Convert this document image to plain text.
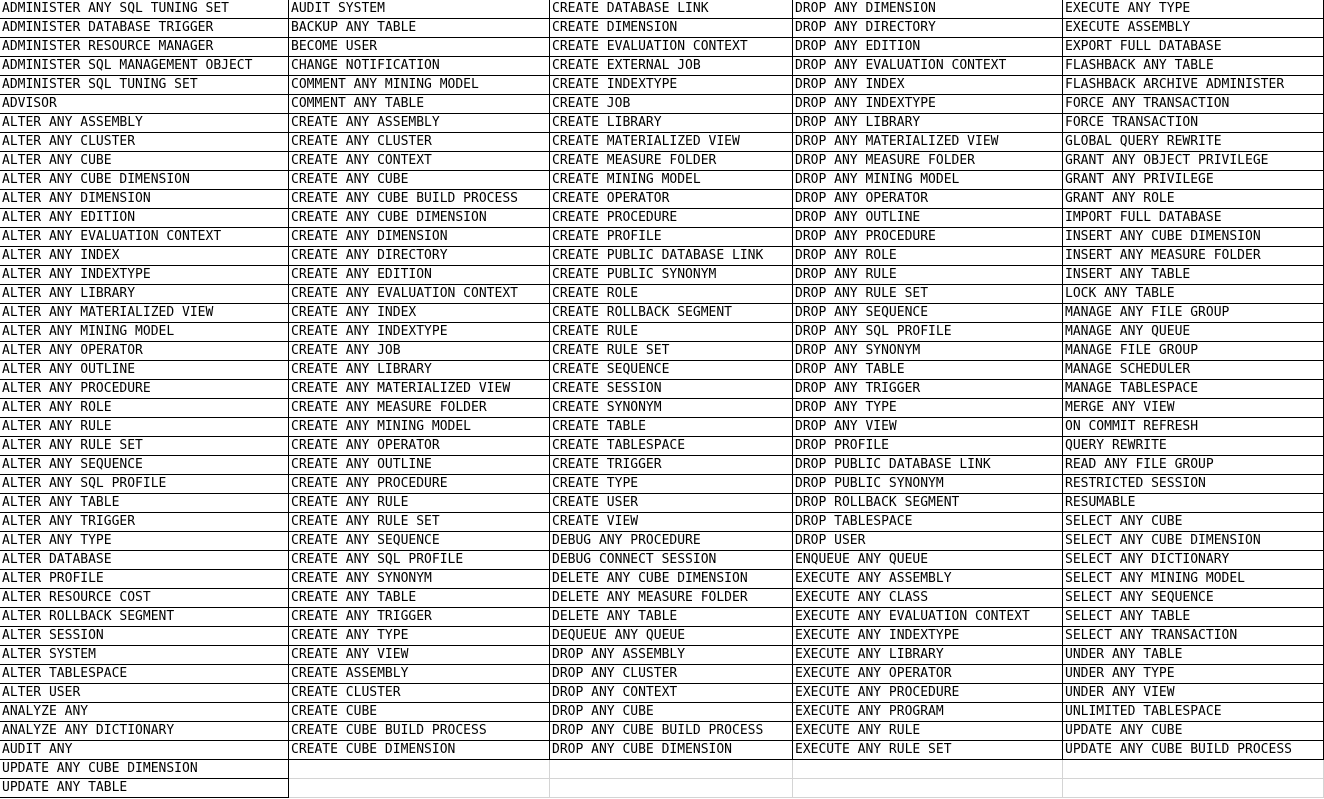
ADMINISTER ANY SQL TUNING SET
ADMINISTER DATABASE TRIGGER
ADMINISTER RESOURCE MANAGER
ADMINISTER SQL MANAGEMENT OBJECT
ADMINISTER SQL TUNING SET
ADVISOR
ALTER ANY ASSEMBLY
ALTER ANY CLUSTER
ALTER ANY CUBE
ALTER ANY CUBE DIMENSION
ALTER ANY DIMENSION
ALTER ANY EDITION
ALTER ANY EVALUATION CONTEXT
ALTER ANY INDEX
ALTER ANY INDEXTYPE
ALTER ANY LIBRARY
ALTER ANY MATERIALIZED VIEW
ALTER ANY MINING MODEL
ALTER ANY OPERATOR
ALTER ANY OUTLINE
ALTER ANY PROCEDURE
ALTER ANY ROLE
ALTER ANY RULE
ALTER ANY RULE SET
ALTER ANY SEQUENCE
ALTER ANY SQL PROFILE
ALTER ANY TABLE
ALTER ANY TRIGGER
ALTER ANY TYPE
ALTER DATABASE
ALTER PROFILE
ALTER RESOURCE COST
ALTER ROLLBACK SEGMENT
ALTER SESSION
ALTER SYSTEM
ALTER TABLESPACE
ALTER USER
ANALYZE ANY
ANALYZE ANY DICTIONARY
AUDIT ANY
UPDATE ANY CUBE DIMENSION
UPDATE ANY TABLE
AUDIT SYSTEM
BACKUP ANY TABLE
BECOME USER
CHANGE NOTIFICATION
COMMENT ANY MINING MODEL
COMMENT ANY TABLE
CREATE ANY ASSEMBLY
CREATE ANY CLUSTER
CREATE ANY CONTEXT
CREATE ANY CUBE
CREATE ANY CUBE BUILD PROCESS
CREATE ANY CUBE DIMENSION
CREATE ANY DIMENSION
CREATE ANY DIRECTORY
CREATE ANY EDITION
CREATE ANY EVALUATION CONTEXT
CREATE ANY INDEX
CREATE ANY INDEXTYPE
CREATE ANY JOB
CREATE ANY LIBRARY
CREATE ANY MATERIALIZED VIEW
CREATE ANY MEASURE FOLDER
CREATE ANY MINING MODEL
CREATE ANY OPERATOR
CREATE ANY OUTLINE
CREATE ANY PROCEDURE
CREATE ANY RULE
CREATE ANY RULE SET
CREATE ANY SEQUENCE
CREATE ANY SQL PROFILE
CREATE ANY SYNONYM
CREATE ANY TABLE
CREATE ANY TRIGGER
CREATE ANY TYPE
CREATE ANY VIEW
CREATE ASSEMBLY
CREATE CLUSTER
CREATE CUBE
CREATE CUBE BUILD PROCESS
CREATE CUBE DIMENSION
CREATE DATABASE LINK
CREATE DIMENSION
CREATE EVALUATION CONTEXT
CREATE EXTERNAL JOB
CREATE INDEXTYPE
CREATE JOB
CREATE LIBRARY
CREATE MATERIALIZED VIEW
CREATE MEASURE FOLDER
CREATE MINING MODEL
CREATE OPERATOR
CREATE PROCEDURE
CREATE PROFILE
CREATE PUBLIC DATABASE LINK
CREATE PUBLIC SYNONYM
CREATE ROLE
CREATE ROLLBACK SEGMENT
CREATE RULE
CREATE RULE SET
CREATE SEQUENCE
CREATE SESSION
CREATE SYNONYM
CREATE TABLE
CREATE TABLESPACE
CREATE TRIGGER
CREATE TYPE
CREATE USER
CREATE VIEW
DEBUG ANY PROCEDURE
DEBUG CONNECT SESSION
DELETE ANY CUBE DIMENSION
DELETE ANY MEASURE FOLDER
DELETE ANY TABLE
DEQUEUE ANY QUEUE
DROP ANY ASSEMBLY
DROP ANY CLUSTER
DROP ANY CONTEXT
DROP ANY CUBE
DROP ANY CUBE BUILD PROCESS
DROP ANY CUBE DIMENSION
DROP ANY DIMENSION
DROP ANY DIRECTORY
DROP ANY EDITION
DROP ANY EVALUATION CONTEXT
DROP ANY INDEX
DROP ANY INDEXTYPE
DROP ANY LIBRARY
DROP ANY MATERIALIZED VIEW
DROP ANY MEASURE FOLDER
DROP ANY MINING MODEL
DROP ANY OPERATOR
DROP ANY OUTLINE
DROP ANY PROCEDURE
DROP ANY ROLE
DROP ANY RULE
DROP ANY RULE SET
DROP ANY SEQUENCE
DROP ANY SQL PROFILE
DROP ANY SYNONYM
DROP ANY TABLE
DROP ANY TRIGGER
DROP ANY TYPE
DROP ANY VIEW
DROP PROFILE
DROP PUBLIC DATABASE LINK
DROP PUBLIC SYNONYM
DROP ROLLBACK SEGMENT
DROP TABLESPACE
DROP USER
ENQUEUE ANY QUEUE
EXECUTE ANY ASSEMBLY
EXECUTE ANY CLASS
EXECUTE ANY EVALUATION CONTEXT
EXECUTE ANY INDEXTYPE
EXECUTE ANY LIBRARY
EXECUTE ANY OPERATOR
EXECUTE ANY PROCEDURE
EXECUTE ANY PROGRAM
EXECUTE ANY RULE
EXECUTE ANY RULE SET
EXECUTE ANY TYPE
EXECUTE ASSEMBLY
EXPORT FULL DATABASE
FLASHBACK ANY TABLE
FLASHBACK ARCHIVE ADMINISTER
FORCE ANY TRANSACTION
FORCE TRANSACTION
GLOBAL QUERY REWRITE
GRANT ANY OBJECT PRIVILEGE
GRANT ANY PRIVILEGE
GRANT ANY ROLE
IMPORT FULL DATABASE
INSERT ANY CUBE DIMENSION
INSERT ANY MEASURE FOLDER
INSERT ANY TABLE
LOCK ANY TABLE
MANAGE ANY FILE GROUP
MANAGE ANY QUEUE
MANAGE FILE GROUP
MANAGE SCHEDULER
MANAGE TABLESPACE
MERGE ANY VIEW
ON COMMIT REFRESH
QUERY REWRITE
READ ANY FILE GROUP
RESTRICTED SESSION
RESUMABLE
SELECT ANY CUBE
SELECT ANY CUBE DIMENSION
SELECT ANY DICTIONARY
SELECT ANY MINING MODEL
SELECT ANY SEQUENCE
SELECT ANY TABLE
SELECT ANY TRANSACTION
UNDER ANY TABLE
UNDER ANY TYPE
UNDER ANY VIEW
UNLIMITED TABLESPACE
UPDATE ANY CUBE
UPDATE ANY CUBE BUILD PROCESS
